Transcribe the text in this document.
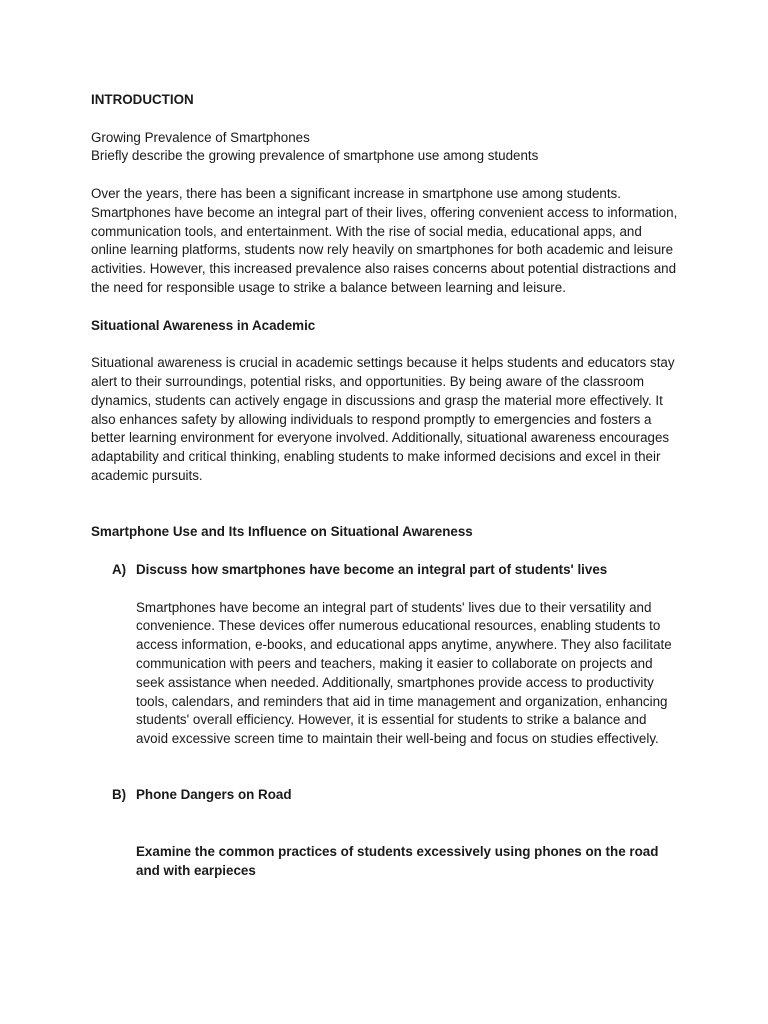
INTRODUCTION

Growing Prevalence of Smartphones

Briefly describe the growing prevalence of smartphone use among students

Over the years, there has been a significant increase in smartphone use among students. Smartphones have become an integral part of their lives, offering convenient access to information, communication tools, and entertainment. With the rise of social media, educational apps, and online learning platforms, students now rely heavily on smartphones for both academic and leisure activities. However, this increased prevalence also raises concerns about potential distractions and the need for responsible usage to strike a balance between learning and leisure.

Situational Awareness in Academic

Situational awareness is crucial in academic settings because it helps students and educators stay alert to their surroundings, potential risks, and opportunities. By being aware of the classroom dynamics, students can actively engage in discussions and grasp the material more effectively. It also enhances safety by allowing individuals to respond promptly to emergencies and fosters a better learning environment for everyone involved. Additionally, situational awareness encourages adaptability and critical thinking, enabling students to make informed decisions and excel in their academic pursuits.

Smartphone Use and Its Influence on Situational Awareness

A) Discuss how smartphones have become an integral part of students' lives

Smartphones have become an integral part of students' lives due to their versatility and convenience. These devices offer numerous educational resources, enabling students to access information, e-books, and educational apps anytime, anywhere. They also facilitate communication with peers and teachers, making it easier to collaborate on projects and seek assistance when needed. Additionally, smartphones provide access to productivity tools, calendars, and reminders that aid in time management and organization, enhancing students' overall efficiency. However, it is essential for students to strike a balance and avoid excessive screen time to maintain their well-being and focus on studies effectively.

B) Phone Dangers on Road

Examine the common practices of students excessively using phones on the road and with earpieces
